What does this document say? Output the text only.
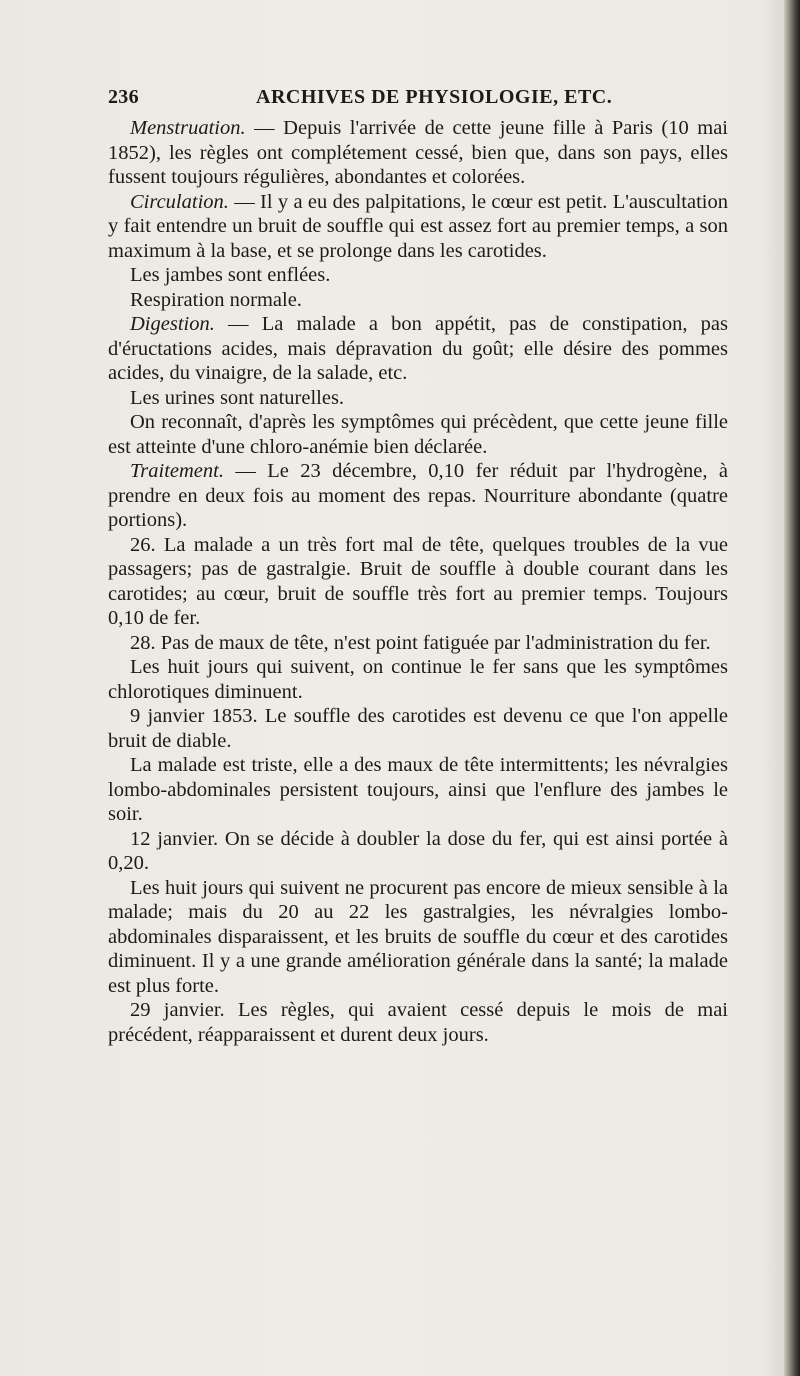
236	ARCHIVES DE PHYSIOLOGIE, ETC.

Menstruation. — Depuis l'arrivée de cette jeune fille à Paris (10 mai 1852), les règles ont complétement cessé, bien que, dans son pays, elles fussent toujours régulières, abondantes et colorées.

Circulation. — Il y a eu des palpitations, le cœur est petit. L'auscultation y fait entendre un bruit de souffle qui est assez fort au premier temps, a son maximum à la base, et se prolonge dans les carotides.

Les jambes sont enflées.

Respiration normale.

Digestion. — La malade a bon appétit, pas de constipation, pas d'éructations acides, mais dépravation du goût; elle désire des pommes acides, du vinaigre, de la salade, etc.

Les urines sont naturelles.

On reconnaît, d'après les symptômes qui précèdent, que cette jeune fille est atteinte d'une chloro-anémie bien déclarée.

Traitement. — Le 23 décembre, 0,10 fer réduit par l'hydrogène, à prendre en deux fois au moment des repas. Nourriture abondante (quatre portions).

26. La malade a un très fort mal de tête, quelques troubles de la vue passagers; pas de gastralgie. Bruit de souffle à double courant dans les carotides; au cœur, bruit de souffle très fort au premier temps. Toujours 0,10 de fer.

28. Pas de maux de tête, n'est point fatiguée par l'administration du fer.

Les huit jours qui suivent, on continue le fer sans que les symptômes chlorotiques diminuent.

9 janvier 1853. Le souffle des carotides est devenu ce que l'on appelle bruit de diable.

La malade est triste, elle a des maux de tête intermittents; les névralgies lombo-abdominales persistent toujours, ainsi que l'enflure des jambes le soir.

12 janvier. On se décide à doubler la dose du fer, qui est ainsi portée à 0,20.

Les huit jours qui suivent ne procurent pas encore de mieux sensible à la malade; mais du 20 au 22 les gastralgies, les névralgies lombo-abdominales disparaissent, et les bruits de souffle du cœur et des carotides diminuent. Il y a une grande amélioration générale dans la santé; la malade est plus forte.

29 janvier. Les règles, qui avaient cessé depuis le mois de mai précédent, réapparaissent et durent deux jours.
